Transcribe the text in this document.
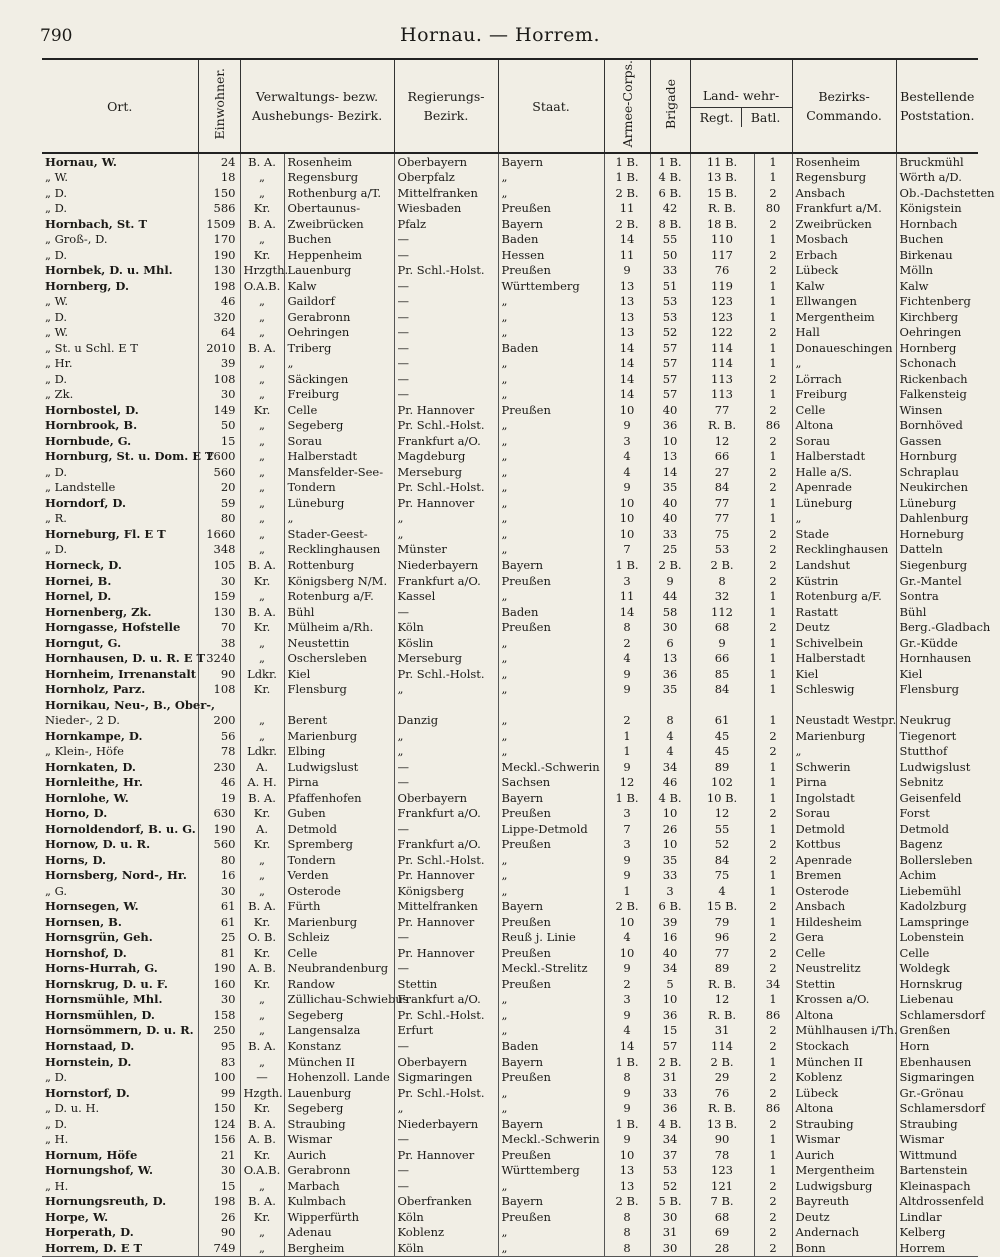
790	Hornau. — Horrem.
Ort.	Einwohner.	Verwaltungs- bezw. Aushebungs- Bezirk.		Regierungs- Bezirk.	Staat.	Armee-Corps.	Brigade	Land- wehr-
Regt. Batl.		Bezirks- Commando.	Bestellende Poststation.
Hornau, W.	24	B. A.	Rosenheim	Oberbayern	Bayern	1 B.	1 B.	11 B.	1	Rosenheim	Bruckmühl
„ W.	18	„	Regensburg	Oberpfalz	„	1 B.	4 B.	13 B.	1	Regensburg	Wörth a/D.
„ D.	150	„	Rothenburg a/T.	Mittelfranken	„	2 B.	6 B.	15 B.	2	Ansbach	Ob.-Dachstetten
„ D.	586	Kr.	Obertaunus-	Wiesbaden	Preußen	11	42	R. B.	80	Frankfurt a/M.	Königstein
Hornbach, St. T	1509	B. A.	Zweibrücken	Pfalz	Bayern	2 B.	8 B.	18 B.	2	Zweibrücken	Hornbach
„ Groß-, D.	170	„	Buchen	—	Baden	14	55	110	1	Mosbach	Buchen
„ D.	190	Kr.	Heppenheim	—	Hessen	11	50	117	2	Erbach	Birkenau
Hornbek, D. u. Mhl.	130	Hrzgth.	Lauenburg	Pr. Schl.-Holst.	Preußen	9	33	76	2	Lübeck	Mölln
Hornberg, D.	198	O.A.B.	Kalw	—	Württemberg	13	51	119	1	Kalw	Kalw
„ W.	46	„	Gaildorf	—	„	13	53	123	1	Ellwangen	Fichtenberg
„ D.	320	„	Gerabronn	—	„	13	53	123	1	Mergentheim	Kirchberg
„ W.	64	„	Oehringen	—	„	13	52	122	2	Hall	Oehringen
„ St. u Schl. E T	2010	B. A.	Triberg	—	Baden	14	57	114	1	Donaueschingen	Hornberg
„ Hr.	39	„	„	—	„	14	57	114	1	„	Schonach
„ D.	108	„	Säckingen	—	„	14	57	113	2	Lörrach	Rickenbach
„ Zk.	30	„	Freiburg	—	„	14	57	113	1	Freiburg	Falkensteig
Hornbostel, D.	149	Kr.	Celle	Pr. Hannover	Preußen	10	40	77	2	Celle	Winsen
Hornbrook, B.	50	„	Segeberg	Pr. Schl.-Holst.	„	9	36	R. B.	86	Altona	Bornhöved
Hornbude, G.	15	„	Sorau	Frankfurt a/O.	„	3	10	12	2	Sorau	Gassen
Hornburg, St. u. Dom. E T	2600	„	Halberstadt	Magdeburg	„	4	13	66	1	Halberstadt	Hornburg
„ D.	560	„	Mansfelder-See-	Merseburg	„	4	14	27	2	Halle a/S.	Schraplau
„ Landstelle	20	„	Tondern	Pr. Schl.-Holst.	„	9	35	84	2	Apenrade	Neukirchen
Horndorf, D.	59	„	Lüneburg	Pr. Hannover	„	10	40	77	1	Lüneburg	Lüneburg
„ R.	80	„	„	„	„	10	40	77	1	„	Dahlenburg
Horneburg, Fl. E T	1660	„	Stader-Geest-	„	„	10	33	75	2	Stade	Horneburg
„ D.	348	„	Recklinghausen	Münster	„	7	25	53	2	Recklinghausen	Datteln
Horneck, D.	105	B. A.	Rottenburg	Niederbayern	Bayern	1 B.	2 B.	2 B.	2	Landshut	Siegenburg
Hornei, B.	30	Kr.	Königsberg N/M.	Frankfurt a/O.	Preußen	3	9	8	2	Küstrin	Gr.-Mantel
Hornel, D.	159	„	Rotenburg a/F.	Kassel	„	11	44	32	1	Rotenburg a/F.	Sontra
Hornenberg, Zk.	130	B. A.	Bühl	—	Baden	14	58	112	1	Rastatt	Bühl
Horngasse, Hofstelle	70	Kr.	Mülheim a/Rh.	Köln	Preußen	8	30	68	2	Deutz	Berg.-Gladbach
Horngut, G.	38	„	Neustettin	Köslin	„	2	6	9	1	Schivelbein	Gr.-Küdde
Hornhausen, D. u. R. E T	3240	„	Oschersleben	Merseburg	„	4	13	66	1	Halberstadt	Hornhausen
Hornheim, Irrenanstalt	90	Ldkr.	Kiel	Pr. Schl.-Holst.	„	9	36	85	1	Kiel	Kiel
Hornholz, Parz.	108	Kr.	Flensburg	„	„	9	35	84	1	Schleswig	Flensburg
Hornikau, Neu-, B., Ober-,											
Nieder-, 2 D.	200	„	Berent	Danzig	„	2	8	61	1	Neustadt Westpr.	Neukrug
Hornkampe, D.	56	„	Marienburg	„	„	1	4	45	2	Marienburg	Tiegenort
„ Klein-, Höfe	78	Ldkr.	Elbing	„	„	1	4	45	2	„	Stutthof
Hornkaten, D.	230	A.	Ludwigslust	—	Meckl.-Schwerin	9	34	89	1	Schwerin	Ludwigslust
Hornleithe, Hr.	46	A. H.	Pirna	—	Sachsen	12	46	102	1	Pirna	Sebnitz
Hornlohe, W.	19	B. A.	Pfaffenhofen	Oberbayern	Bayern	1 B.	4 B.	10 B.	1	Ingolstadt	Geisenfeld
Horno, D.	630	Kr.	Guben	Frankfurt a/O.	Preußen	3	10	12	2	Sorau	Forst
Hornoldendorf, B. u. G.	190	A.	Detmold	—	Lippe-Detmold	7	26	55	1	Detmold	Detmold
Hornow, D. u. R.	560	Kr.	Spremberg	Frankfurt a/O.	Preußen	3	10	52	2	Kottbus	Bagenz
Horns, D.	80	„	Tondern	Pr. Schl.-Holst.	„	9	35	84	2	Apenrade	Bollersleben
Hornsberg, Nord-, Hr.	16	„	Verden	Pr. Hannover	„	9	33	75	1	Bremen	Achim
„ G.	30	„	Osterode	Königsberg	„	1	3	4	1	Osterode	Liebemühl
Hornsegen, W.	61	B. A.	Fürth	Mittelfranken	Bayern	2 B.	6 B.	15 B.	2	Ansbach	Kadolzburg
Hornsen, B.	61	Kr.	Marienburg	Pr. Hannover	Preußen	10	39	79	1	Hildesheim	Lamspringe
Hornsgrün, Geh.	25	O. B.	Schleiz	—	Reuß j. Linie	4	16	96	2	Gera	Lobenstein
Hornshof, D.	81	Kr.	Celle	Pr. Hannover	Preußen	10	40	77	2	Celle	Celle
Horns-Hurrah, G.	190	A. B.	Neubrandenburg	—	Meckl.-Strelitz	9	34	89	2	Neustrelitz	Woldegk
Hornskrug, D. u. F.	160	Kr.	Randow	Stettin	Preußen	2	5	R. B.	34	Stettin	Hornskrug
Hornsmühle, Mhl.	30	„	Züllichau-Schwiebus	Frankfurt a/O.	„	3	10	12	1	Krossen a/O.	Liebenau
Hornsmühlen, D.	158	„	Segeberg	Pr. Schl.-Holst.	„	9	36	R. B.	86	Altona	Schlamersdorf
Hornsömmern, D. u. R.	250	„	Langensalza	Erfurt	„	4	15	31	2	Mühlhausen i/Th.	Grenßen
Hornstaad, D.	95	B. A.	Konstanz	—	Baden	14	57	114	2	Stockach	Horn
Hornstein, D.	83	„	München II	Oberbayern	Bayern	1 B.	2 B.	2 B.	1	München II	Ebenhausen
„ D.	100	—	Hohenzoll. Lande	Sigmaringen	Preußen	8	31	29	2	Koblenz	Sigmaringen
Hornstorf, D.	99	Hzgth.	Lauenburg	Pr. Schl.-Holst.	„	9	33	76	2	Lübeck	Gr.-Grönau
„ D. u. H.	150	Kr.	Segeberg	„	„	9	36	R. B.	86	Altona	Schlamersdorf
„ D.	124	B. A.	Straubing	Niederbayern	Bayern	1 B.	4 B.	13 B.	2	Straubing	Straubing
„ H.	156	A. B.	Wismar	—	Meckl.-Schwerin	9	34	90	1	Wismar	Wismar
Hornum, Höfe	21	Kr.	Aurich	Pr. Hannover	Preußen	10	37	78	1	Aurich	Wittmund
Hornungshof, W.	30	O.A.B.	Gerabronn	—	Württemberg	13	53	123	1	Mergentheim	Bartenstein
„ H.	15	„	Marbach	—	„	13	52	121	2	Ludwigsburg	Kleinaspach
Hornungsreuth, D.	198	B. A.	Kulmbach	Oberfranken	Bayern	2 B.	5 B.	7 B.	2	Bayreuth	Altdrossenfeld
Horpe, W.	26	Kr.	Wipperfürth	Köln	Preußen	8	30	68	2	Deutz	Lindlar
Horperath, D.	90	„	Adenau	Koblenz	„	8	31	69	2	Andernach	Kelberg
Horrem, D. E T	749	„	Bergheim	Köln	„	8	30	28	2	Bonn	Horrem
